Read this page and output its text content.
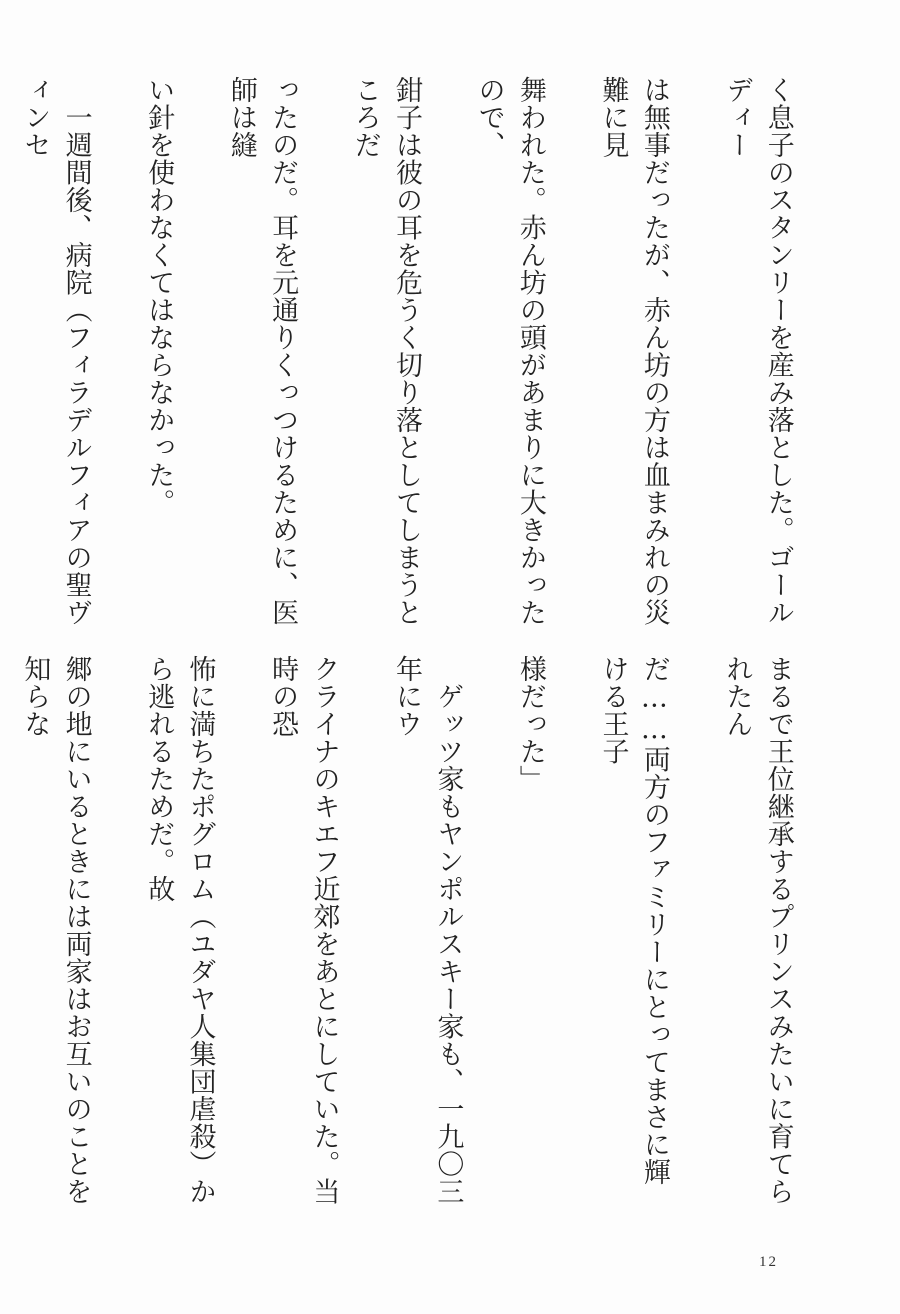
く息子のスタンリーを産み落とした。ゴールディー

は無事だったが、赤ん坊の方は血まみれの災難に見

舞われた。赤ん坊の頭があまりに大きかったので、

鉗子は彼の耳を危うく切り落としてしまうところだ

ったのだ。耳を元通りくっつけるために、医師は縫

い針を使わなくてはならなかった。

　一週間後、病院（フィラデルフィアの聖ヴィンセ

まるで王位継承するプリンスみたいに育てられたん

だ……両方のファミリーにとってまさに輝ける王子

様だった」

　ゲッツ家もヤンポルスキー家も、一九〇三年にウ

クライナのキエフ近郊をあとにしていた。当時の恐

怖に満ちたポグロム（ユダヤ人集団虐殺）から逃れるためだ。故

郷の地にいるときには両家はお互いのことを知らな

12
